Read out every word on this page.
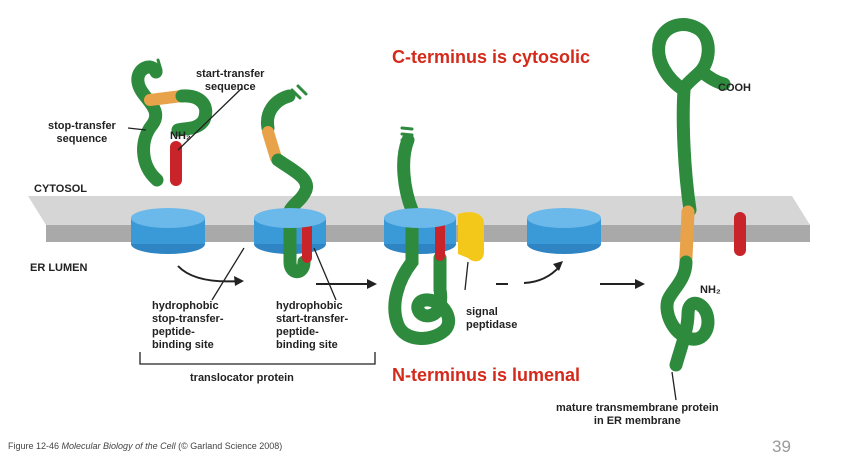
C-terminus is cytosolic
N-terminus is lumenal
CYTOSOL
ER LUMEN
start-transfer
sequence
stop-transfer
sequence	NH₂
COOH
NH₂
hydrophobic
stop-transfer-
peptide-
binding site
hydrophobic
start-transfer-
peptide-
binding site
signal
peptidase
translocator protein
mature transmembrane protein
in ER membrane
Figure 12-46 Molecular Biology of the Cell (© Garland Science 2008)	39
